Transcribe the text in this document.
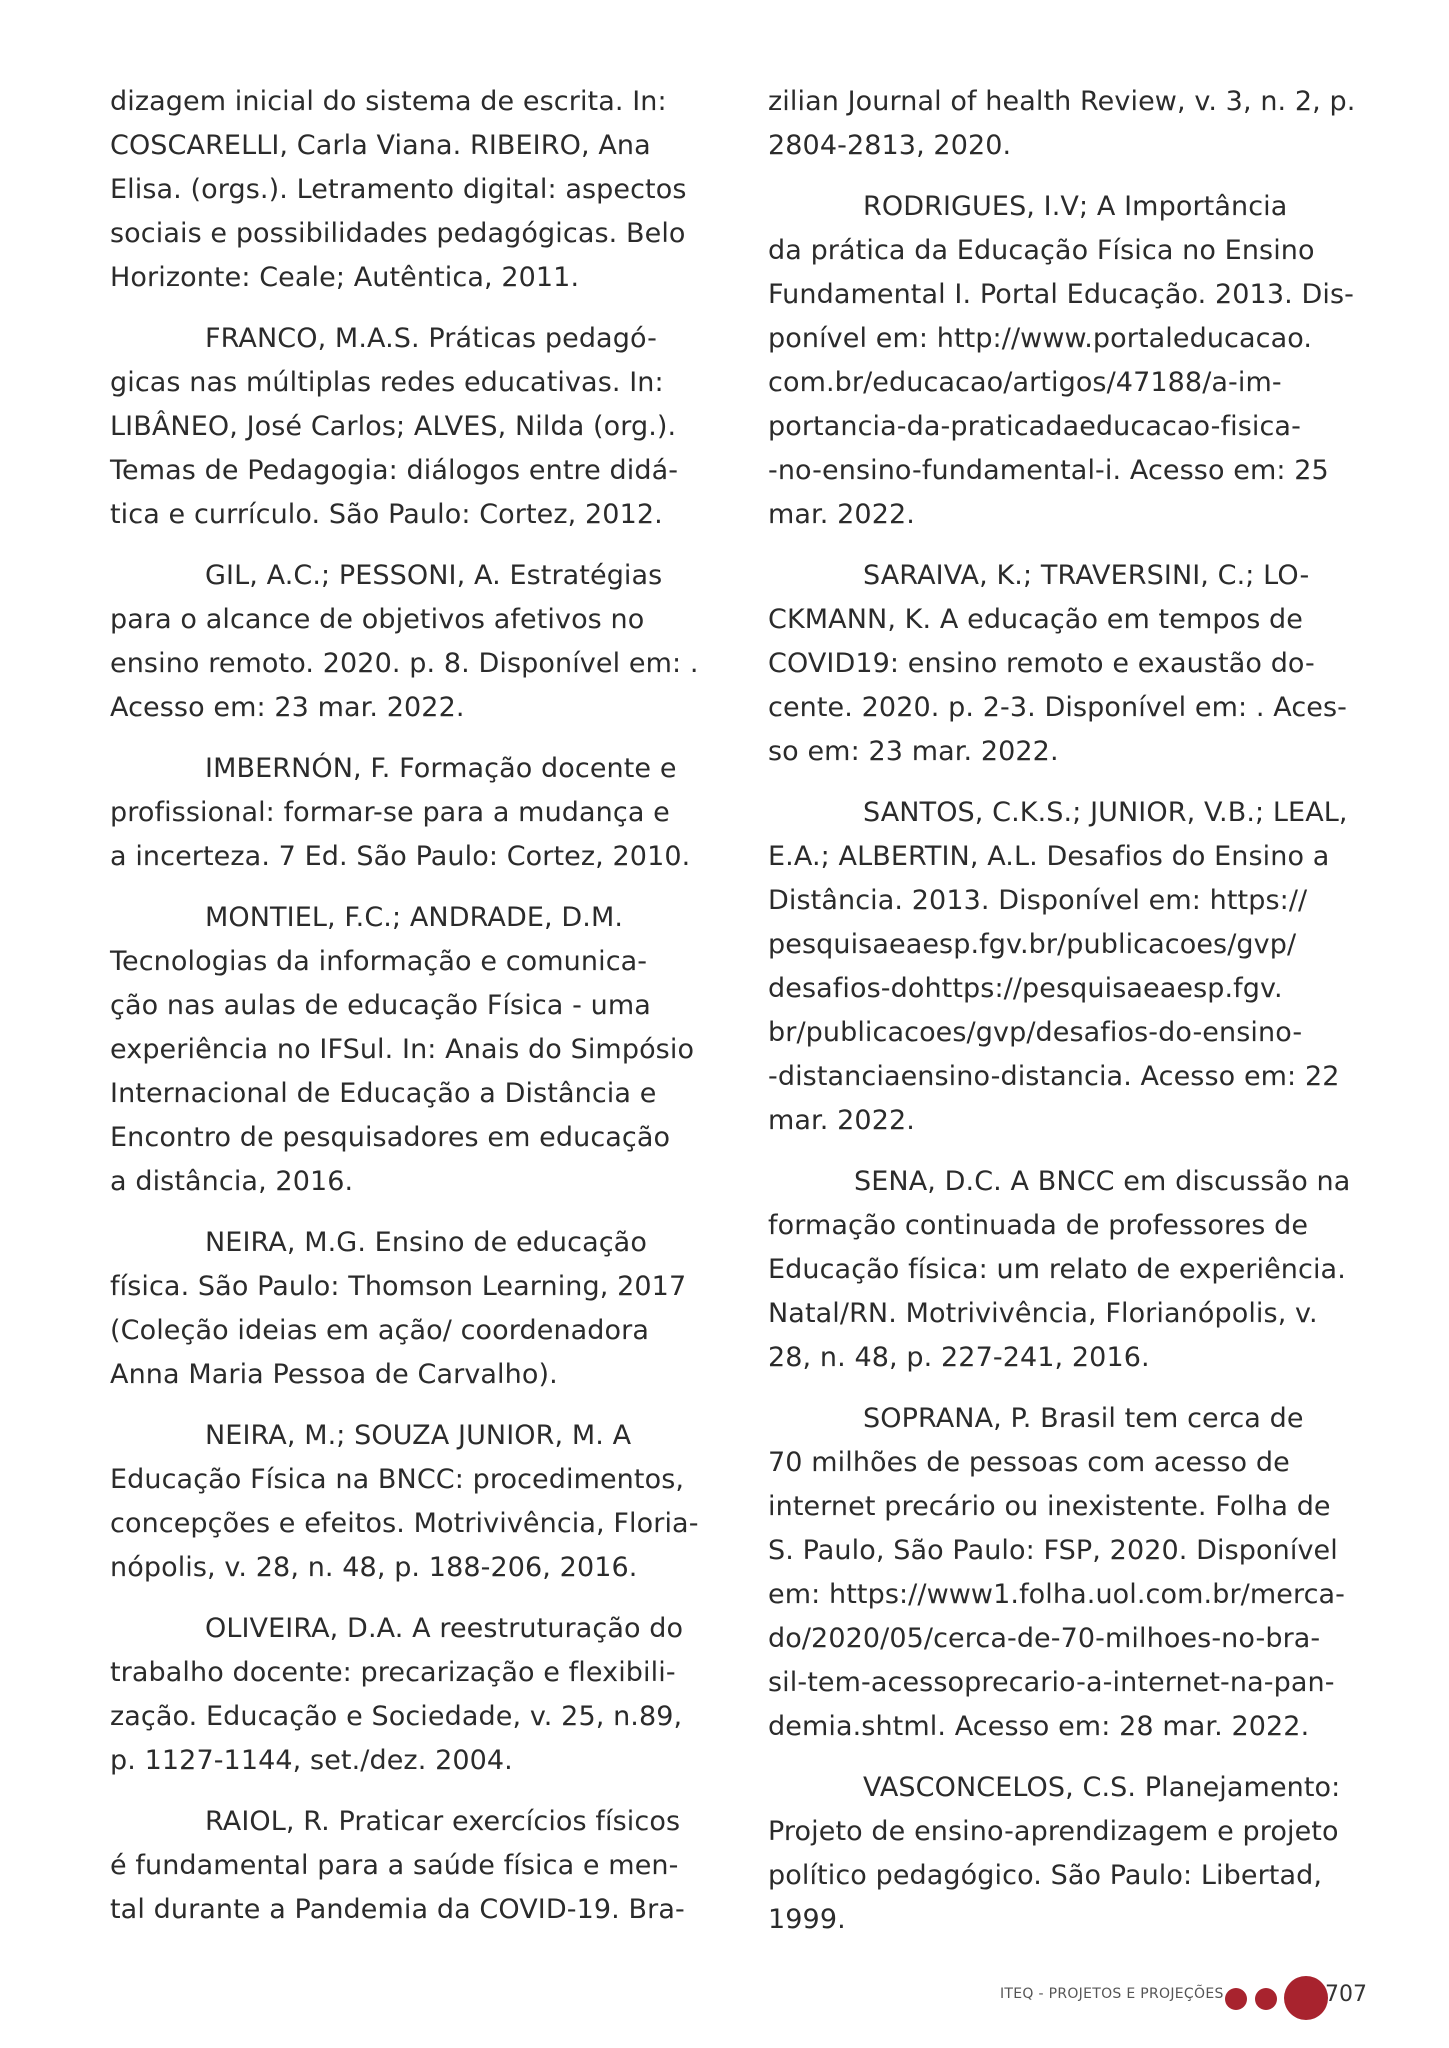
dizagem inicial do sistema de escrita. In:
COSCARELLI, Carla Viana. RIBEIRO, Ana
Elisa. (orgs.). Letramento digital: aspectos
sociais e possibilidades pedagógicas. Belo
Horizonte: Ceale; Autêntica, 2011.
FRANCO, M.A.S. Práticas pedagó-
gicas nas múltiplas redes educativas. In:
LIBÂNEO, José Carlos; ALVES, Nilda (org.).
Temas de Pedagogia: diálogos entre didá-
tica e currículo. São Paulo: Cortez, 2012.
GIL, A.C.; PESSONI, A. Estratégias
para o alcance de objetivos afetivos no
ensino remoto. 2020. p. 8. Disponível em: .
Acesso em: 23 mar. 2022.
IMBERNÓN, F. Formação docente e
profissional: formar-se para a mudança e
a incerteza. 7 Ed. São Paulo: Cortez, 2010.
MONTIEL, F.C.; ANDRADE, D.M.
Tecnologias da informação e comunica-
ção nas aulas de educação Física - uma
experiência no IFSul. In: Anais do Simpósio
Internacional de Educação a Distância e
Encontro de pesquisadores em educação
a distância, 2016.
NEIRA, M.G. Ensino de educação
física. São Paulo: Thomson Learning, 2017
(Coleção ideias em ação/ coordenadora
Anna Maria Pessoa de Carvalho).
NEIRA, M.; SOUZA JUNIOR, M. A
Educação Física na BNCC: procedimentos,
concepções e efeitos. Motrivivência, Floria-
nópolis, v. 28, n. 48, p. 188-206, 2016.
OLIVEIRA, D.A. A reestruturação do
trabalho docente: precarização e flexibili-
zação. Educação e Sociedade, v. 25, n.89,
p. 1127-1144, set./dez. 2004.
RAIOL, R. Praticar exercícios físicos
é fundamental para a saúde física e men-
tal durante a Pandemia da COVID-19. Bra-
zilian Journal of health Review, v. 3, n. 2, p.
2804-2813, 2020.
RODRIGUES, I.V; A Importância
da prática da Educação Física no Ensino
Fundamental I. Portal Educação. 2013. Dis-
ponível em: http://www.portaleducacao.
com.br/educacao/artigos/47188/a-im-
portancia-da-praticadaeducacao-fisica-
-no-ensino-fundamental-i. Acesso em: 25
mar. 2022.
SARAIVA, K.; TRAVERSINI, C.; LO-
CKMANN, K. A educação em tempos de
COVID19: ensino remoto e exaustão do-
cente. 2020. p. 2-3. Disponível em: . Aces-
so em: 23 mar. 2022.
SANTOS, C.K.S.; JUNIOR, V.B.; LEAL,
E.A.; ALBERTIN, A.L. Desafios do Ensino a
Distância. 2013. Disponível em: https://
pesquisaeaesp.fgv.br/publicacoes/gvp/
desafios-dohttps://pesquisaeaesp.fgv.
br/publicacoes/gvp/desafios-do-ensino-
-distanciaensino-distancia. Acesso em: 22
mar. 2022.
SENA, D.C. A BNCC em discussão na
formação continuada de professores de
Educação física: um relato de experiência.
Natal/RN. Motrivivência, Florianópolis, v.
28, n. 48, p. 227-241, 2016.
SOPRANA, P. Brasil tem cerca de
70 milhões de pessoas com acesso de
internet precário ou inexistente. Folha de
S. Paulo, São Paulo: FSP, 2020. Disponível
em: https://www1.folha.uol.com.br/merca-
do/2020/05/cerca-de-70-milhoes-no-bra-
sil-tem-acessoprecario-a-internet-na-pan-
demia.shtml. Acesso em: 28 mar. 2022.
VASCONCELOS, C.S. Planejamento:
Projeto de ensino-aprendizagem e projeto
político pedagógico. São Paulo: Libertad,
1999.
ITEQ - PROJETOS E PROJEÇÕES	707
